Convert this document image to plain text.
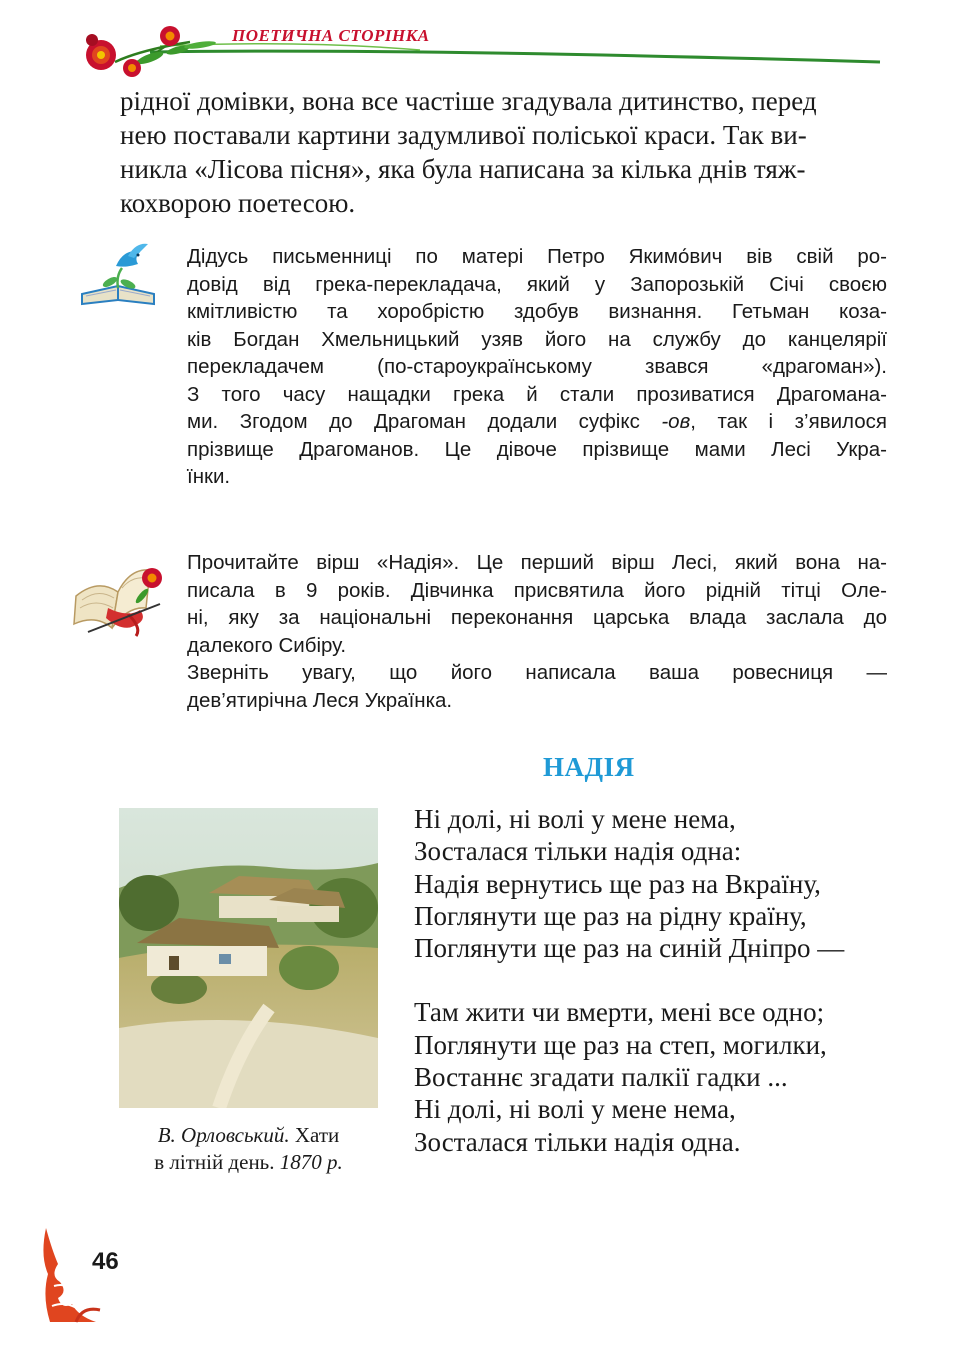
ПОЕТИЧНА СТОРІНКА
рідної домівки, вона все частіше згадувала дитинство, перед
нею поставали картини задумливої поліської краси. Так ви-
никла «Лісова пісня», яка була написана за кілька днів тяж-
кохворою поетесою.
Дідусь письменниці по матері Петро Якимо́вич вів свій ро-
довід від грека-перекладача, який у Запорозькій Січі своєю
кмітливістю та хоробрістю здобув визнання. Гетьман коза-
ків Богдан Хмельницький узяв його на службу до канцелярії
перекладачем (по-староукраїнському звався «драгоман»).
З того часу нащадки грека й стали прозиватися Драгомана-
ми. Згодом до Драгоман додали суфікс -ов, так і з’явилося
прізвище Драгоманов. Це дівоче прізвище мами Лесі Укра-
їнки.
Прочитайте вірш «Надія». Це перший вірш Лесі, який вона на-
писала в 9 років. Дівчинка присвятила його рідній тітці Оле-
ні, яку за національні переконання царська влада заслала до
далекого Сибіру.
Зверніть увагу, що його написала ваша ровесниця —
дев’ятирічна Леся Українка.
НАДІЯ
В. Орловський. Хати
в літній день. 1870 р.
Ні долі, ні волі у мене нема,
Зосталася тільки надія одна:
Надія вернутись ще раз на Вкраїну,
Поглянути ще раз на рідну країну,
Поглянути ще раз на синій Дніпро —
Там жити чи вмерти, мені все одно;
Поглянути ще раз на степ, могилки,
Востаннє згадати палкії гадки ...
Ні долі, ні волі у мене нема,
Зосталася тільки надія одна.
46
